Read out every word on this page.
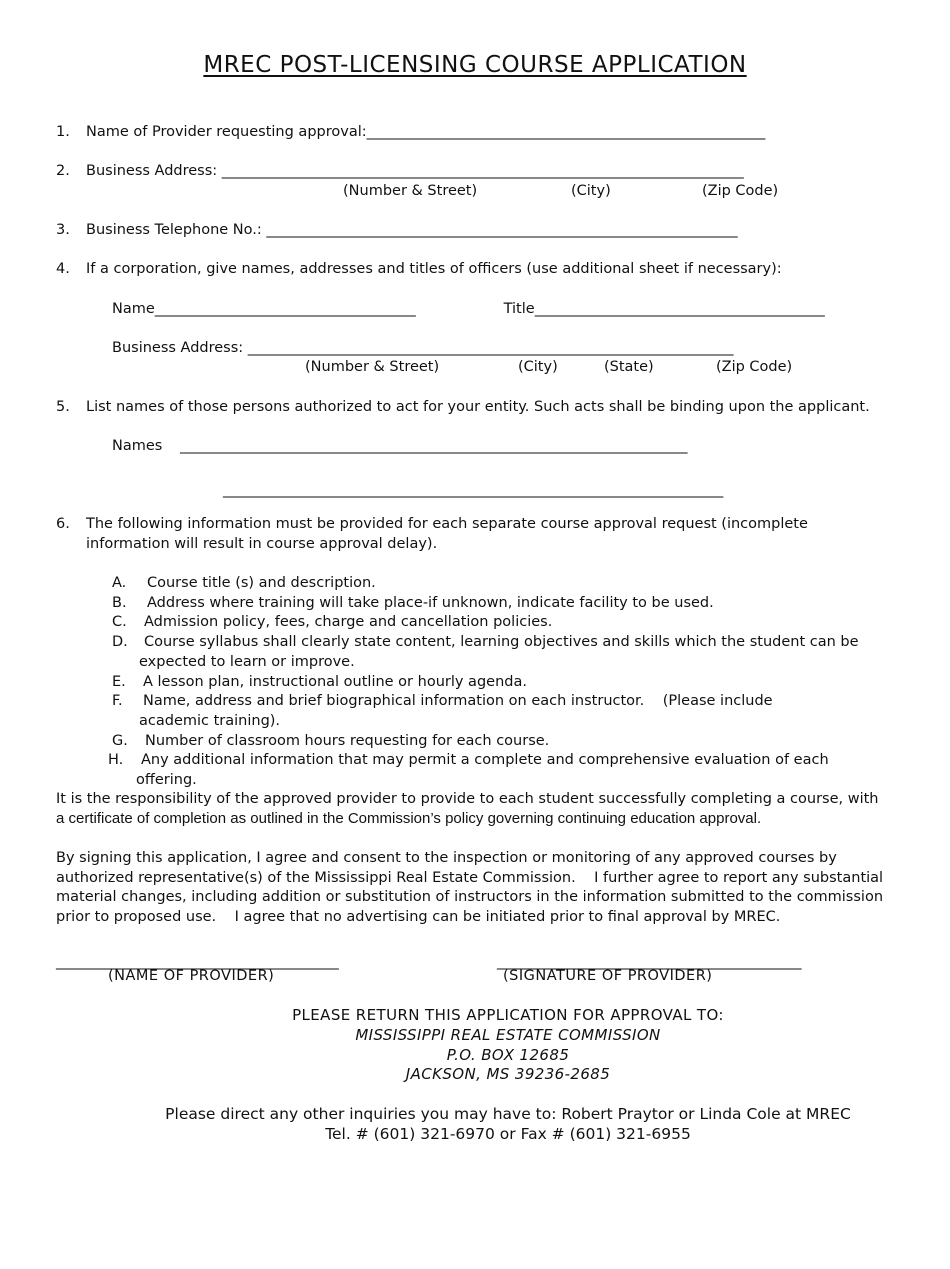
MREC POST-LICENSING COURSE APPLICATION
1. Name of Provider requesting approval:_______________________________________________________
2. Business Address: ________________________________________________________________________
(Number & Street)	(City)	(Zip Code)
3. Business Telephone No.: _________________________________________________________________
4. If a corporation, give names, addresses and titles of officers (use additional sheet if necessary):
Name____________________________________	Title________________________________________
Business Address: ___________________________________________________________________
(Number & Street)	(City)	(State)	(Zip Code)
5. List names of those persons authorized to act for your entity. Such acts shall be binding upon the applicant.
Names ______________________________________________________________________
_____________________________________________________________________
6. The following information must be provided for each separate course approval request (incomplete
information will result in course approval delay).
A. Course title (s) and description.
B. Address where training will take place-if unknown, indicate facility to be used.
C. Admission policy, fees, charge and cancellation policies.
D. Course syllabus shall clearly state content, learning objectives and skills which the student can be
expected to learn or improve.
E. A lesson plan, instructional outline or hourly agenda.
F. Name, address and brief biographical information on each instructor.    (Please include
academic training).
G. Number of classroom hours requesting for each course.
H. Any additional information that may permit a complete and comprehensive evaluation of each
offering.
It is the responsibility of the approved provider to provide to each student successfully completing a course, with
a certificate of completion as outlined in the Commission’s policy governing continuing education approval.
By signing this application, I agree and consent to the inspection or monitoring of any approved courses by
authorized representative(s) of the Mississippi Real Estate Commission.    I further agree to report any substantial
material changes, including addition or substitution of instructors in the information submitted to the commission
prior to proposed use.    I agree that no advertising can be initiated prior to final approval by MREC.
_______________________________________	__________________________________________
(NAME OF PROVIDER)	(SIGNATURE OF PROVIDER)
PLEASE RETURN THIS APPLICATION FOR APPROVAL TO:
MISSISSIPPI REAL ESTATE COMMISSION
P.O. BOX 12685
JACKSON, MS 39236-2685
Please direct any other inquiries you may have to: Robert Praytor or Linda Cole at MREC
Tel. # (601) 321-6970 or Fax # (601) 321-6955
